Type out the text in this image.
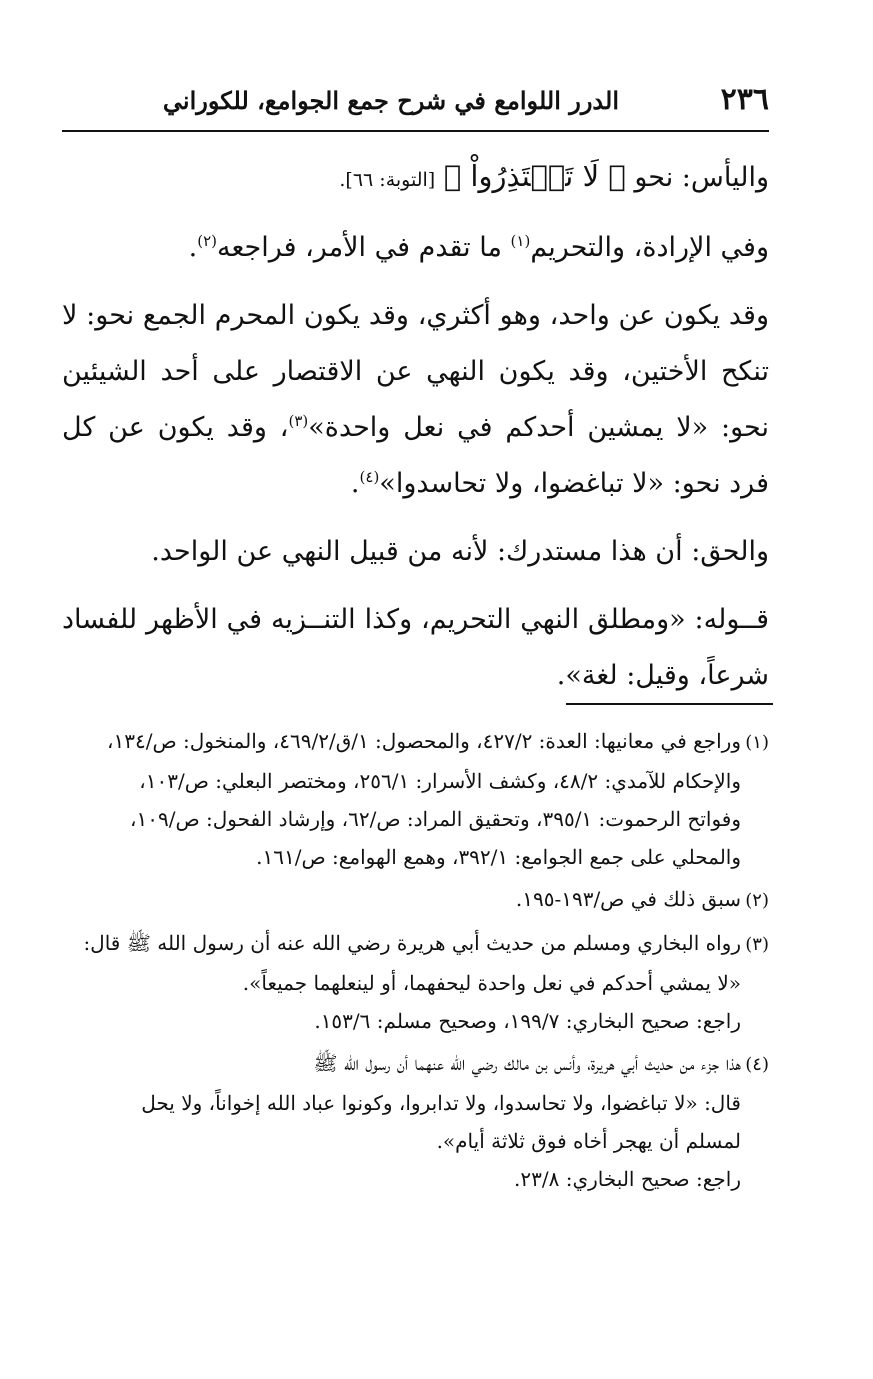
٢٣٦
الدرر اللوامع في شرح جمع الجوامع، للكوراني

واليأس: نحو ﴿ لَا تَعۡتَذِرُواْ ﴾ [التوبة: ٦٦].

وفي الإرادة، والتحريم$^{(١)}$ ما تقدم في الأمر، فراجعه$^{(٢)}$.

وقد يكون عن واحد، وهو أكثري، وقد يكون المحرم الجمع نحو: لا تنكح الأختين، وقد يكون النهي عن الاقتصار على أحد الشيئين نحو: «لا يمشين أحدكم في نعل واحدة»$^{(٣)}$، وقد يكون عن كل فرد نحو: «لا تباغضوا، ولا تحاسدوا»$^{(٤)}$.

والحق: أن هذا مستدرك: لأنه من قبيل النهي عن الواحد.

قــوله: «ومطلق النهي التحريم، وكذا التنــزيه في الأظهر للفساد شرعاً، وقيل: لغة».

(١)وراجع في معانيها: العدة: ٤٢٧/٢، والمحصول: ١/ق/٤٦٩/٢، والمنخول: ص/١٣٤،

والإحكام للآمدي: ٤٨/٢، وكشف الأسرار: ٢٥٦/١، ومختصر البعلي: ص/١٠٣،

وفواتح الرحموت: ٣٩٥/١، وتحقيق المراد: ص/٦٢، وإرشاد الفحول: ص/١٠٩،

والمحلي على جمع الجوامع: ٣٩٢/١، وهمع الهوامع: ص/١٦١.

(٢)سبق ذلك في ص/١٩٣-١٩٥.

(٣)رواه البخاري ومسلم من حديث أبي هريرة رضي الله عنه أن رسول الله ﷺ قال:

«لا يمشي أحدكم في نعل واحدة ليحفهما، أو لينعلهما جميعاً».

راجع: صحيح البخاري: ١٩٩/٧، وصحيح مسلم: ١٥٣/٦.

(٤)هذا جزء من حديث أبي هريرة، وأنس بن مالك رضي الله عنهما أن رسول الله ﷺ

قال: «لا تباغضوا، ولا تحاسدوا، ولا تدابروا، وكونوا عباد الله إخواناً، ولا يحل

لمسلم أن يهجر أخاه فوق ثلاثة أيام».

راجع: صحيح البخاري: ٢٣/٨.
